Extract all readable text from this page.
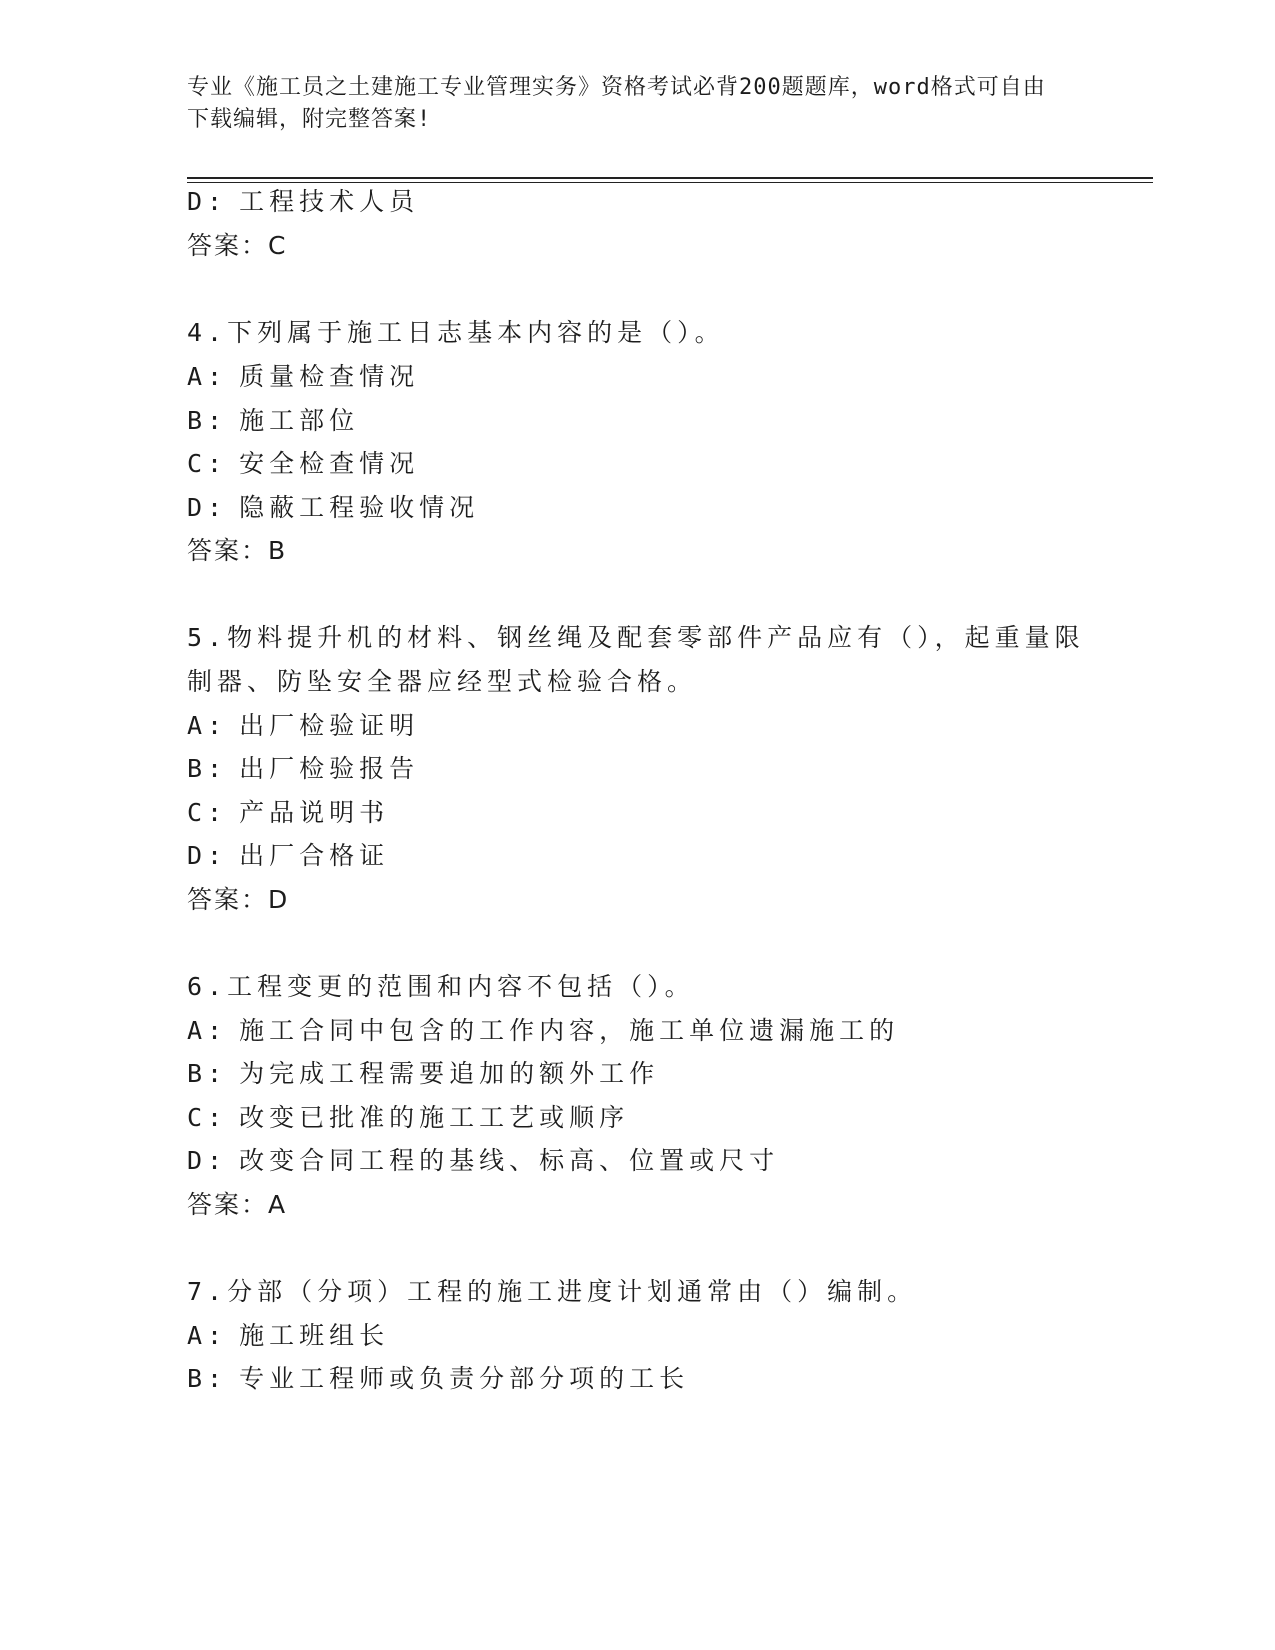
专业《施工员之土建施工专业管理实务》资格考试必背200题题库，word格式可自由下载编辑，附完整答案!
D: 工程技术人员
答案：C
4.下列属于施工日志基本内容的是（）。
A: 质量检查情况
B: 施工部位
C: 安全检查情况
D: 隐蔽工程验收情况
答案：B
5.物料提升机的材料、钢丝绳及配套零部件产品应有（），起重量限
制器、防坠安全器应经型式检验合格。
A: 出厂检验证明
B: 出厂检验报告
C: 产品说明书
D: 出厂合格证
答案：D
6.工程变更的范围和内容不包括（）。
A: 施工合同中包含的工作内容，施工单位遗漏施工的
B: 为完成工程需要追加的额外工作
C: 改变已批准的施工工艺或顺序
D: 改变合同工程的基线、标高、位置或尺寸
答案：A
7.分部（分项）工程的施工进度计划通常由（）编制。
A: 施工班组长
B: 专业工程师或负责分部分项的工长
